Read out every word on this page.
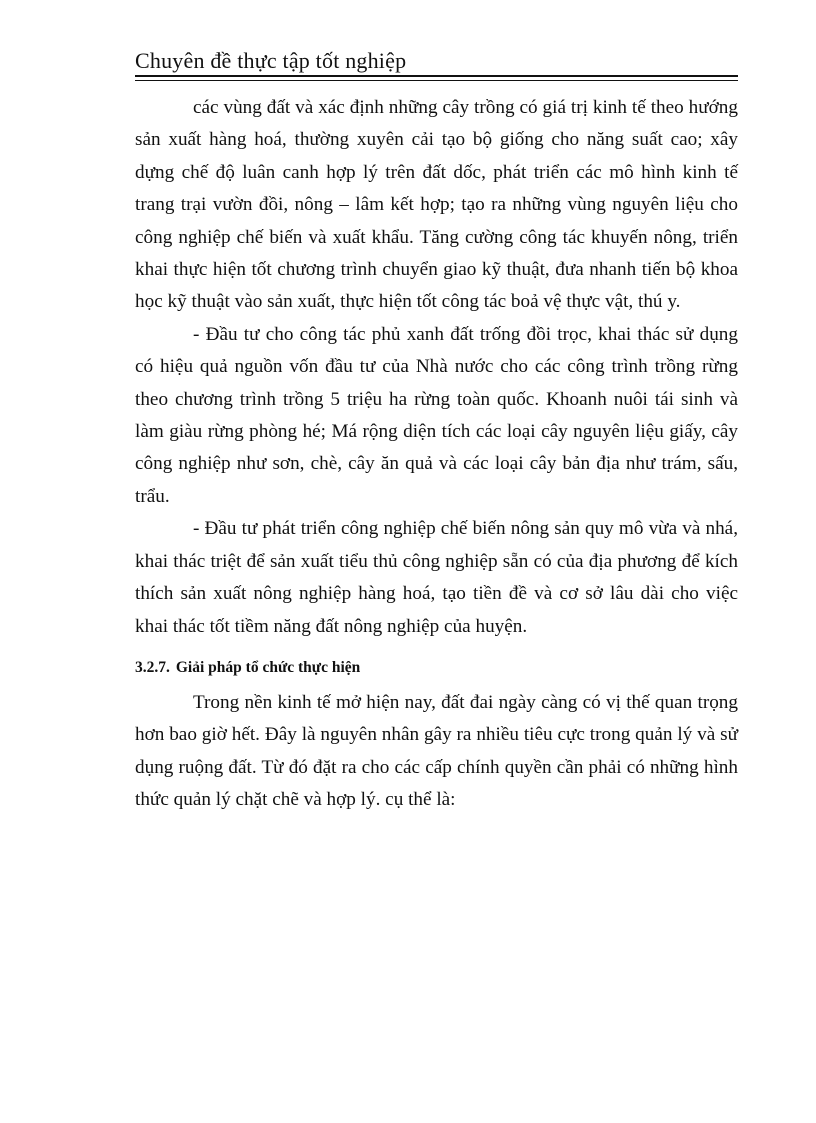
Chuyên đề thực tập tốt nghiệp

các vùng đất và xác định những cây trồng có giá trị kinh tế theo hướng sản xuất hàng hoá, thường xuyên cải tạo bộ giống cho năng suất cao; xây dựng chế độ luân canh hợp lý trên đất dốc, phát triển các mô hình kinh tế trang trại vườn đồi, nông – lâm kết hợp; tạo ra những vùng nguyên liệu cho công nghiệp chế biến và xuất khẩu. Tăng cường công tác khuyến nông, triển khai thực hiện tốt chương trình chuyển giao kỹ thuật, đưa nhanh tiến bộ khoa học kỹ thuật vào sản xuất, thực hiện tốt công tác boả vệ thực vật, thú y.

- Đầu tư cho công tác phủ xanh đất trống đồi trọc, khai thác sử dụng có hiệu quả nguồn vốn đầu tư của Nhà nước cho các công trình trồng rừng theo chương trình trồng 5 triệu ha rừng toàn quốc. Khoanh nuôi tái sinh và làm giàu rừng phòng hé; Má rộng diện tích các loại cây nguyên liệu giấy, cây công nghiệp như sơn, chè, cây ăn quả và các loại cây bản địa như trám, sấu, trẩu.

- Đầu tư phát triển công nghiệp chế biến nông sản quy mô vừa và nhá, khai thác triệt để sản xuất tiểu thủ công nghiệp sẵn có của địa phương để kích thích sản xuất nông nghiệp hàng hoá, tạo tiền đề và cơ sở lâu dài cho việc khai thác tốt tiềm năng đất nông nghiệp của huyện.

3.2.7. Giải pháp tổ chức thực hiện

Trong nền kinh tế mở hiện nay, đất đai ngày càng có vị thế quan trọng hơn bao giờ hết. Đây là nguyên nhân gây ra nhiều tiêu cực trong quản lý và sử dụng ruộng đất. Từ đó đặt ra cho các cấp chính quyền cần phải có những hình thức quản lý chặt chẽ và hợp lý. cụ thể là:
